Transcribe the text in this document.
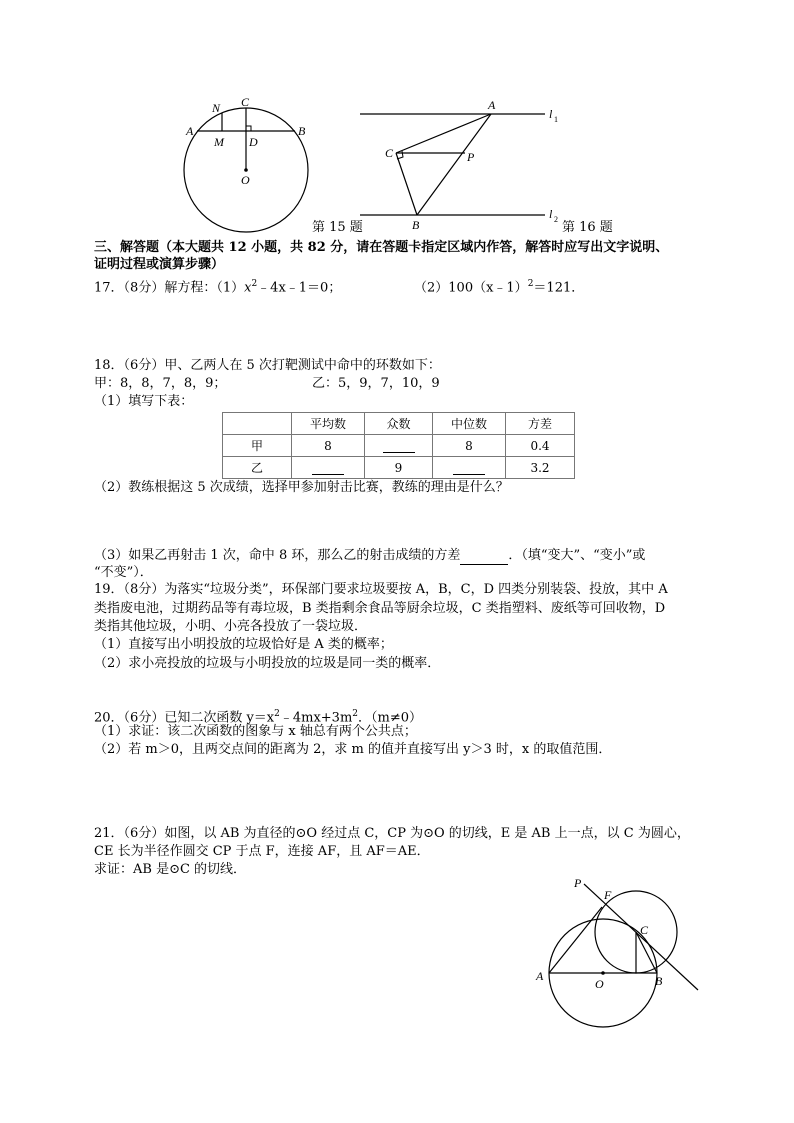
N C
A
M D
B
O
A
l 1
C	P
B
l 2
第 15 题	第 16 题
三、解答题（本大题共 12 小题，共 82 分，请在答题卡指定区域内作答，解答时应写出文字说明、
证明过程或演算步骤）
17．（8分）解方程：$(1)x^2﹣4x﹣1=0$；	（2）100（x﹣1）$^2$＝121．
18．（6分）甲、乙两人在 5 次打靶测试中命中的环数如下：
甲：8，8，7，8，9；	乙：5，9，7，10，9
（1）填写下表：
	平均数	众数	中位数	方差
甲	8		8	0.4
乙		9		3.2
（2）教练根据这 5 次成绩，选择甲参加射击比赛，教练的理由是什么？
（3）如果乙再射击 1 次，命中 8 环，那么乙的射击成绩的方差	．（填“变大”、“变小”或
“不变”）．
19．（8分）为落实“垃圾分类”，环保部门要求垃圾要按 A，B，C，D 四类分别装袋、投放，其中 A
类指废电池，过期药品等有毒垃圾，B 类指剩余食品等厨余垃圾，C 类指塑料、废纸等可回收物，D
类指其他垃圾，小明、小亮各投放了一袋垃圾．
（1）直接写出小明投放的垃圾恰好是 A 类的概率；
（2）求小亮投放的垃圾与小明投放的垃圾是同一类的概率．
20．（6分）已知二次函数 $y=x^2﹣4mx+3m^2$．（m≠0）
（1）求证：该二次函数的图象与 x 轴总有两个公共点；
（2）若 m＞0，且两交点间的距离为 2，求 m 的值并直接写出 y＞3 时，x 的取值范围．
21．（6分）如图，以 AB 为直径的⊙O 经过点 C，CP 为⊙O 的切线，E 是 AB 上一点，以 C 为圆心，
CE 长为半径作圆交 CP 于点 F，连接 AF，且 AF＝AE．
求证：AB 是⊙C 的切线．
P
F
C
A
O	B
